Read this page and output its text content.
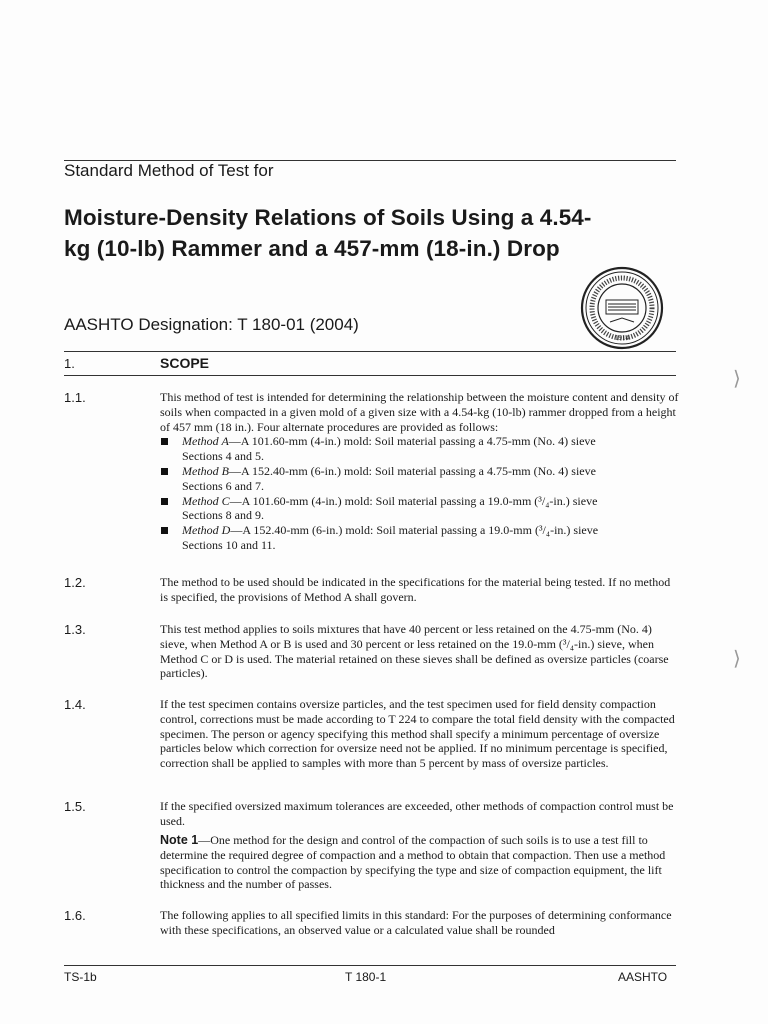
Standard Method of Test for
Moisture-Density Relations of Soils Using a 4.54-kg (10-lb) Rammer and a 457-mm (18-in.) Drop
AASHTO Designation: T 180-01 (2004)
1914
1.	SCOPE
1.1.	This method of test is intended for determining the relationship between the moisture content and density of soils when compacted in a given mold of a given size with a 4.54-kg (10-lb) rammer dropped from a height of 457 mm (18 in.). Four alternate procedures are provided as follows:
Method A—A 101.60-mm (4-in.) mold: Soil material passing a 4.75-mm (No. 4) sieve
Sections 4 and 5.
Method B—A 152.40-mm (6-in.) mold: Soil material passing a 4.75-mm (No. 4) sieve
Sections 6 and 7.
Method C—A 101.60-mm (4-in.) mold: Soil material passing a 19.0-mm (³/₄-in.) sieve
Sections 8 and 9.
Method D—A 152.40-mm (6-in.) mold: Soil material passing a 19.0-mm (³/₄-in.) sieve
Sections 10 and 11.
1.2.	The method to be used should be indicated in the specifications for the material being tested. If no method is specified, the provisions of Method A shall govern.

1.3.	This test method applies to soils mixtures that have 40 percent or less retained on the 4.75-mm (No. 4) sieve, when Method A or B is used and 30 percent or less retained on the 19.0-mm (³/₄-in.) sieve, when Method C or D is used. The material retained on these sieves shall be defined as oversize particles (coarse particles).

1.4.	If the test specimen contains oversize particles, and the test specimen used for field density compaction control, corrections must be made according to T 224 to compare the total field density with the compacted specimen. The person or agency specifying this method shall specify a minimum percentage of oversize particles below which correction for oversize need not be applied. If no minimum percentage is specified, correction shall be applied to samples with more than 5 percent by mass of oversize particles.

1.5.	If the specified oversized maximum tolerances are exceeded, other methods of compaction control must be used.

Note 1—One method for the design and control of the compaction of such soils is to use a test fill to determine the required degree of compaction and a method to obtain that compaction. Then use a method specification to control the compaction by specifying the type and size of compaction equipment, the lift thickness and the number of passes.

1.6.	The following applies to all specified limits in this standard: For the purposes of determining conformance with these specifications, an observed value or a calculated value shall be rounded

TS-1b	T 180-1	AASHTO
⟩
⟩
